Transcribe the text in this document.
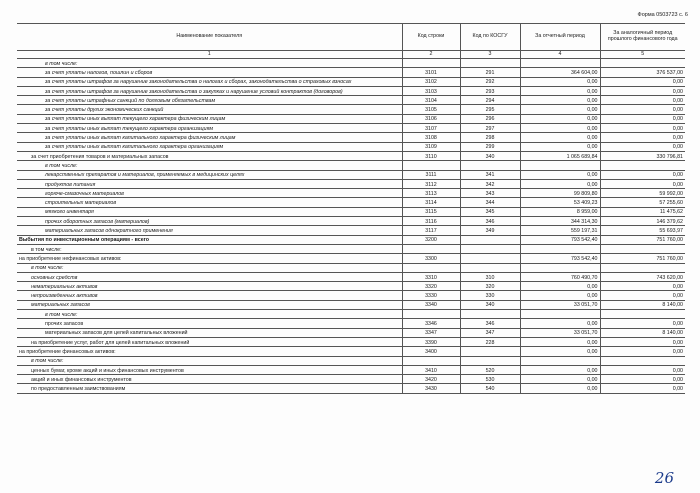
Форма 0503723 с. 6
Наименование показателя	Код строки	Код по КОСГУ	За отчетный период	За аналогичный период прошлого финансового года
1	2	3	4	5
в том числе:				
за счет уплаты налогов, пошлин и сборов	3101	291	364 604,00	376 537,00
за счет уплаты штрафов за нарушение законодательства о налогах и сборах, законодательства о страховых взносах	3102	292	0,00	0,00
за счет уплаты штрафов за нарушение законодательства о закупках и нарушение условий контрактов (договоров)	3103	293	0,00	0,00
за счет уплаты штрафных санкций по долговым обязательствам	3104	294	0,00	0,00
за счет уплаты других экономических санкций	3105	295	0,00	0,00
за счет уплаты иных выплат текущего характера физическим лицам	3106	296	0,00	0,00
за счет уплаты иных выплат текущего характера организациям	3107	297	0,00	0,00
за счет уплаты иных выплат капитального характера физическим лицам	3108	298	0,00	0,00
за счет уплаты иных выплат капитального характера организациям	3109	299	0,00	0,00
за счет приобретения товаров и материальных запасов	3110	340	1 065 689,84	330 796,81
в том числе:				
лекарственных препаратов и материалов, применяемых в медицинских целях	3111	341	0,00	0,00
продуктов питания	3112	342	0,00	0,00
горюче-смазочных материалов	3113	343	99 809,80	59 992,00
строительных материалов	3114	344	53 409,23	57 255,60
мягкого инвентаря	3115	345	8 959,00	11 475,62
прочих оборотных запасов (материалов)	3116	346	344 314,30	146 379,62
материальных запасов однократного применения	3117	349	559 197,31	55 693,97
Выбытия по инвестиционным операциям - всего	3200		793 542,40	751 760,00
в том числе:				
на приобретение нефинансовых активов:	3300		793 542,40	751 760,00
в том числе:				
основных средств	3310	310	760 490,70	743 620,00
нематериальных активов	3320	320	0,00	0,00
непроизведенных активов	3330	330	0,00	0,00
материальных запасов	3340	340	33 051,70	8 140,00
в том числе:				
прочих запасов	3346	346	0,00	0,00
материальных запасов для целей капитальных вложений	3347	347	33 051,70	8 140,00
на приобретение услуг, работ для целей капитальных вложений	3390	228	0,00	0,00
на приобретение финансовых активов:	3400		0,00	0,00
в том числе:				
ценных бумаг, кроме акций и иных финансовых инструментов	3410	520	0,00	0,00
акций и иных финансовых инструментов	3420	530	0,00	0,00
по предоставленным заимствованиям	3430	540	0,00	0,00
26
